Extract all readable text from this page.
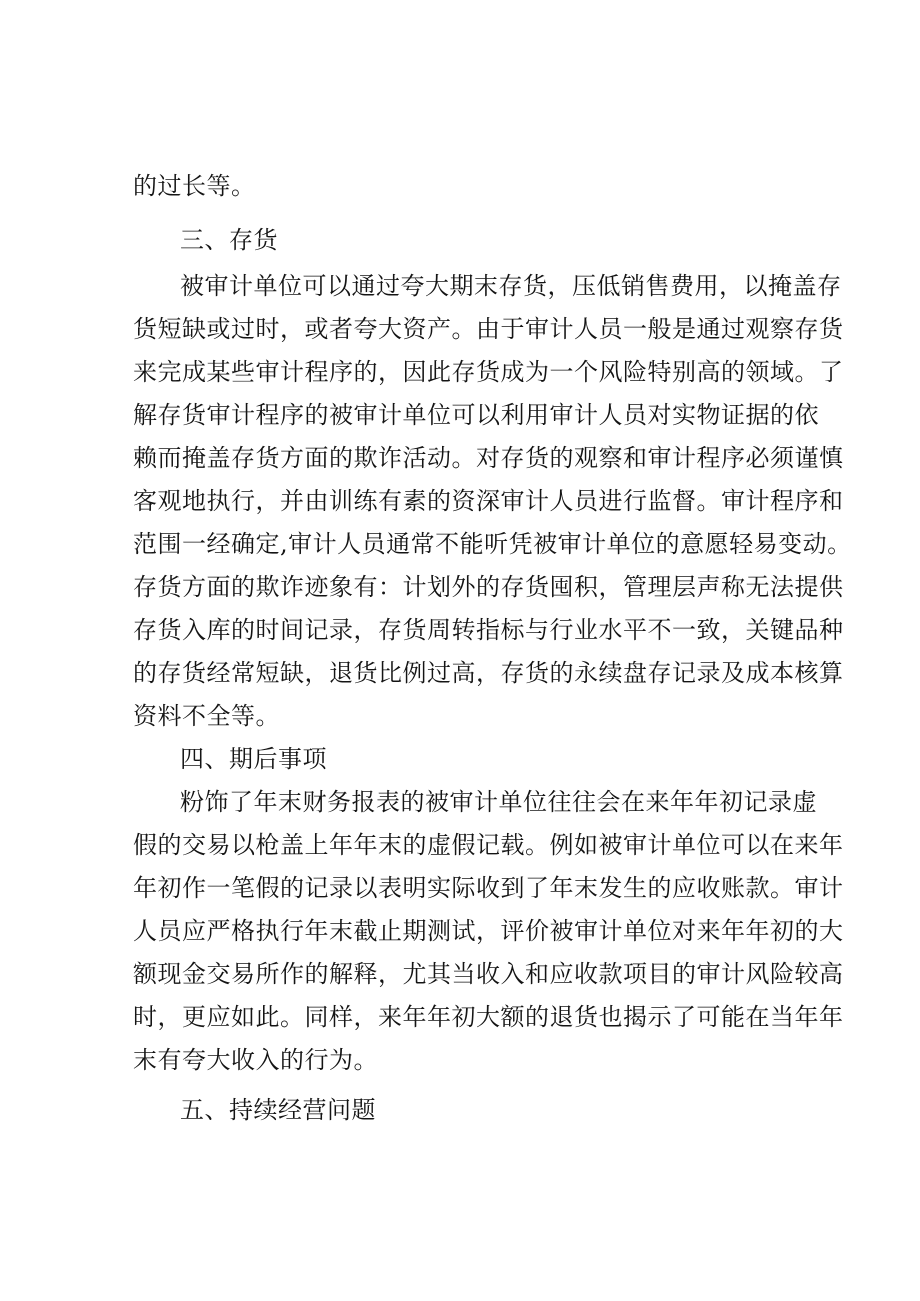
的过长等。
三、存货
被审计单位可以通过夸大期末存货，压低销售费用，以掩盖存
货短缺或过时，或者夸大资产。由于审计人员一般是通过观察存货
来完成某些审计程序的，因此存货成为一个风险特别高的领域。了
解存货审计程序的被审计单位可以利用审计人员对实物证据的依
赖而掩盖存货方面的欺诈活动。对存货的观察和审计程序必须谨慎
客观地执行，并由训练有素的资深审计人员进行监督。审计程序和
范围一经确定,审计人员通常不能听凭被审计单位的意愿轻易变动。
存货方面的欺诈迹象有：计划外的存货囤积，管理层声称无法提供
存货入库的时间记录，存货周转指标与行业水平不一致，关键品种
的存货经常短缺，退货比例过高，存货的永续盘存记录及成本核算
资料不全等。
四、期后事项
粉饰了年末财务报表的被审计单位往往会在来年年初记录虚
假的交易以枪盖上年年末的虚假记载。例如被审计单位可以在来年
年初作一笔假的记录以表明实际收到了年末发生的应收账款。审计
人员应严格执行年末截止期测试，评价被审计单位对来年年初的大
额现金交易所作的解释，尤其当收入和应收款项目的审计风险较高
时，更应如此。同样，来年年初大额的退货也揭示了可能在当年年
末有夸大收入的行为。
五、持续经营问题
